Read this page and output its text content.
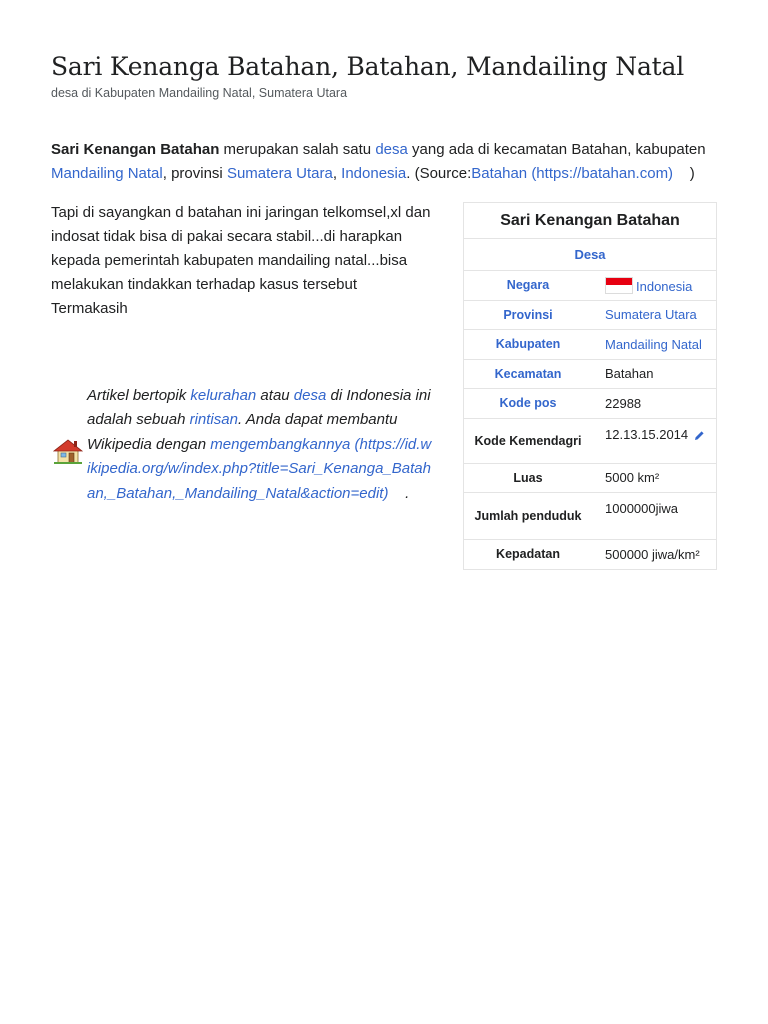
Sari Kenanga Batahan, Batahan, Mandailing Natal
desa di Kabupaten Mandailing Natal, Sumatera Utara

Sari Kenangan Batahan merupakan salah satu desa yang ada di kecamatan Batahan, kabupaten Mandailing Natal, provinsi Sumatera Utara, Indonesia. (Source:Batahan (https://batahan.com)    )

Tapi di sayangkan d batahan ini jaringan telkomsel,xl dan indosat tidak bisa di pakai secara stabil...di harapkan kepada pemerintah kabupaten mandailing natal...bisa melakukan tindakkan terhadap kasus tersebut Termakasih

Artikel bertopik kelurahan atau desa di Indonesia ini adalah sebuah rintisan. Anda dapat membantu Wikipedia dengan mengembangkannya (https://id.wikipedia.org/w/index.php?title=Sari_Kenanga_Batahan,_Batahan,_Mandailing_Natal&action=edit)    .

Sari Kenangan Batahan	
Desa	
Negara	Indonesia
Provinsi	Sumatera Utara
Kabupaten	Mandailing Natal
Kecamatan	Batahan
Kode pos	22988
Kode Kemendagri	12.13.15.2014
Luas	5000 km²
Jumlah penduduk	1000000jiwa
Kepadatan	500000 jiwa/km²
